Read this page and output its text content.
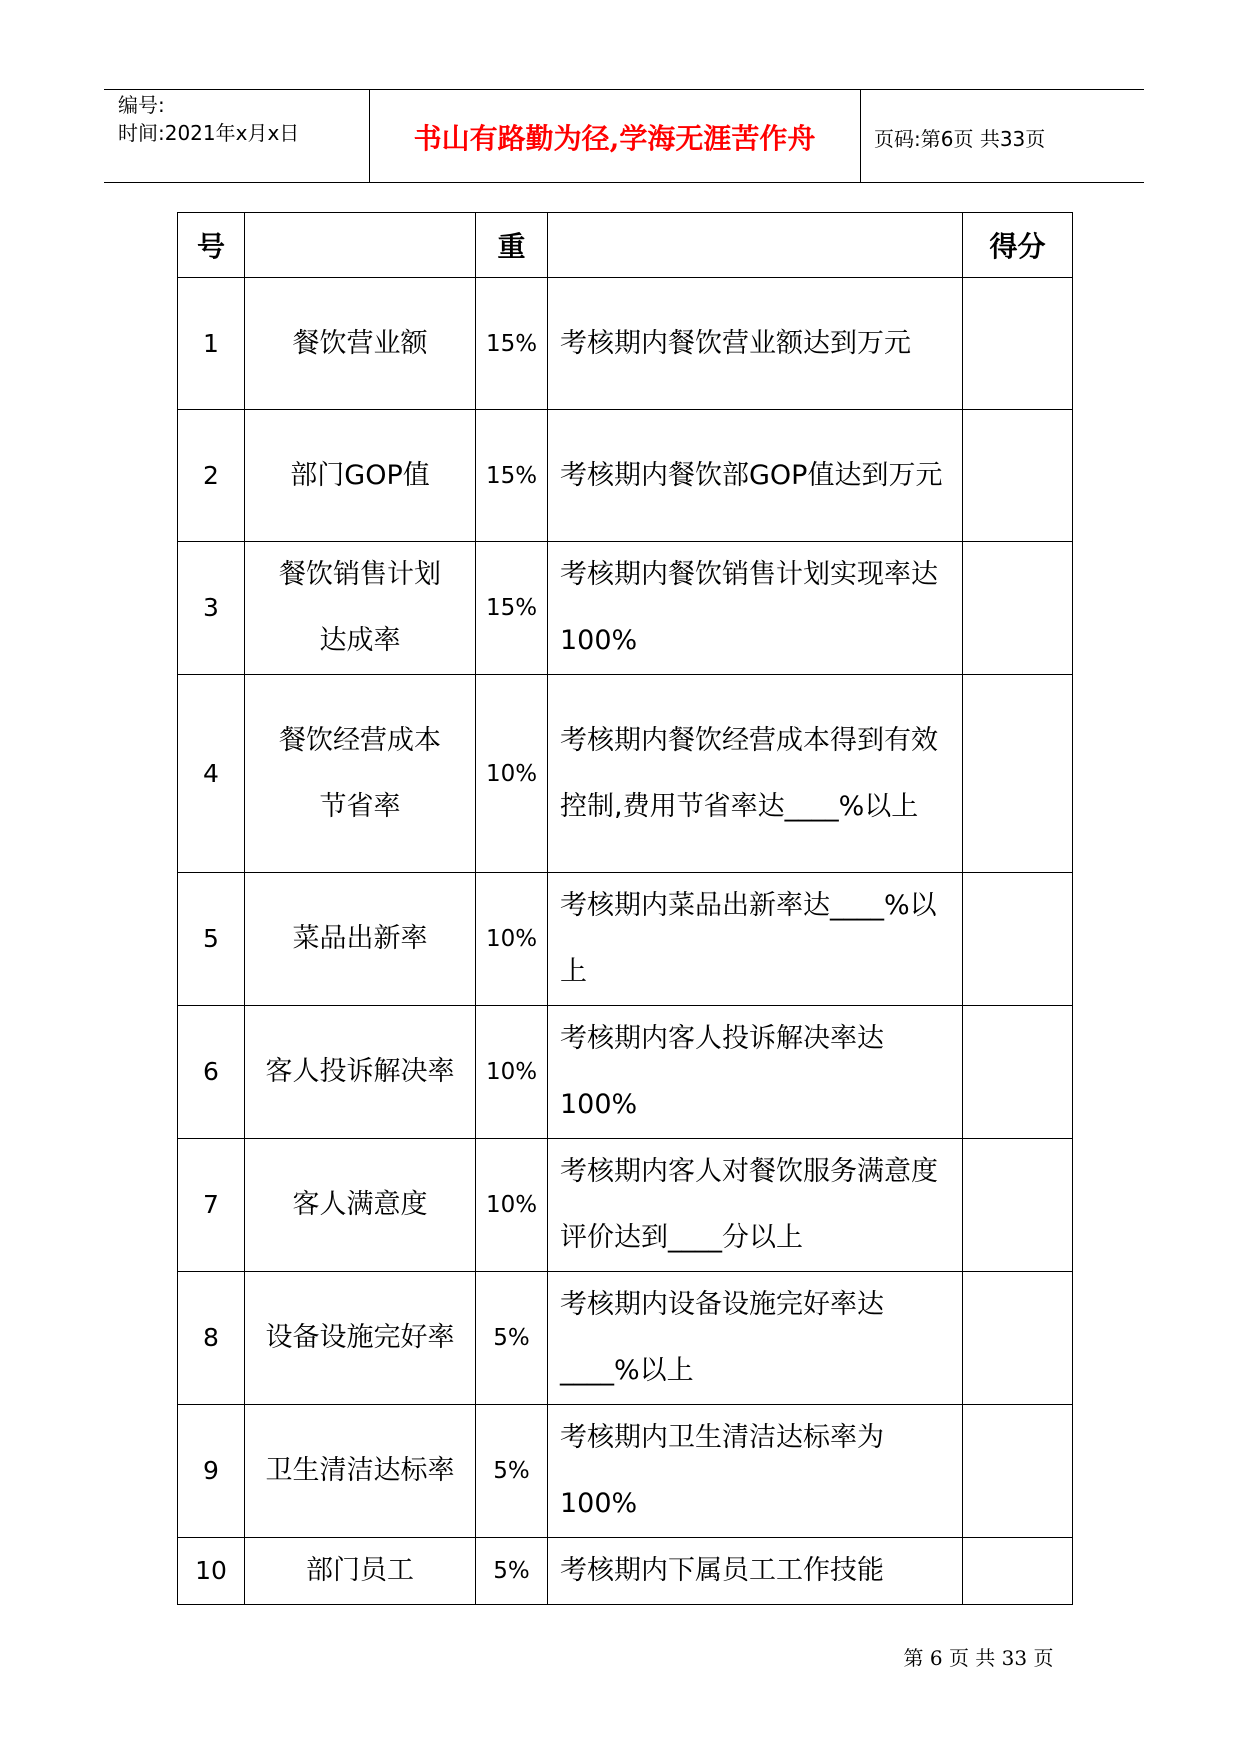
编号:
时间:2021年x月x日	书山有路勤为径,学海无涯苦作舟	页码:第6页 共33页
号		重		得分
1	餐饮营业额	15%	考核期内餐饮营业额达到万元	
2	部门GOP值	15%	考核期内餐饮部GOP值达到万元	
3	餐饮销售计划达成率	15%	考核期内餐饮销售计划实现率达100%	
4	餐饮经营成本节省率	10%	考核期内餐饮经营成本得到有效控制,费用节省率达____%以上	
5	菜品出新率	10%	考核期内菜品出新率达____%以上	
6	客人投诉解决率	10%	考核期内客人投诉解决率达100%	
7	客人满意度	10%	考核期内客人对餐饮服务满意度评价达到____分以上	
8	设备设施完好率	5%	考核期内设备设施完好率达____%以上	
9	卫生清洁达标率	5%	考核期内卫生清洁达标率为100%	
10	部门员工	5%	考核期内下属员工工作技能	
第 6 页 共 33 页
